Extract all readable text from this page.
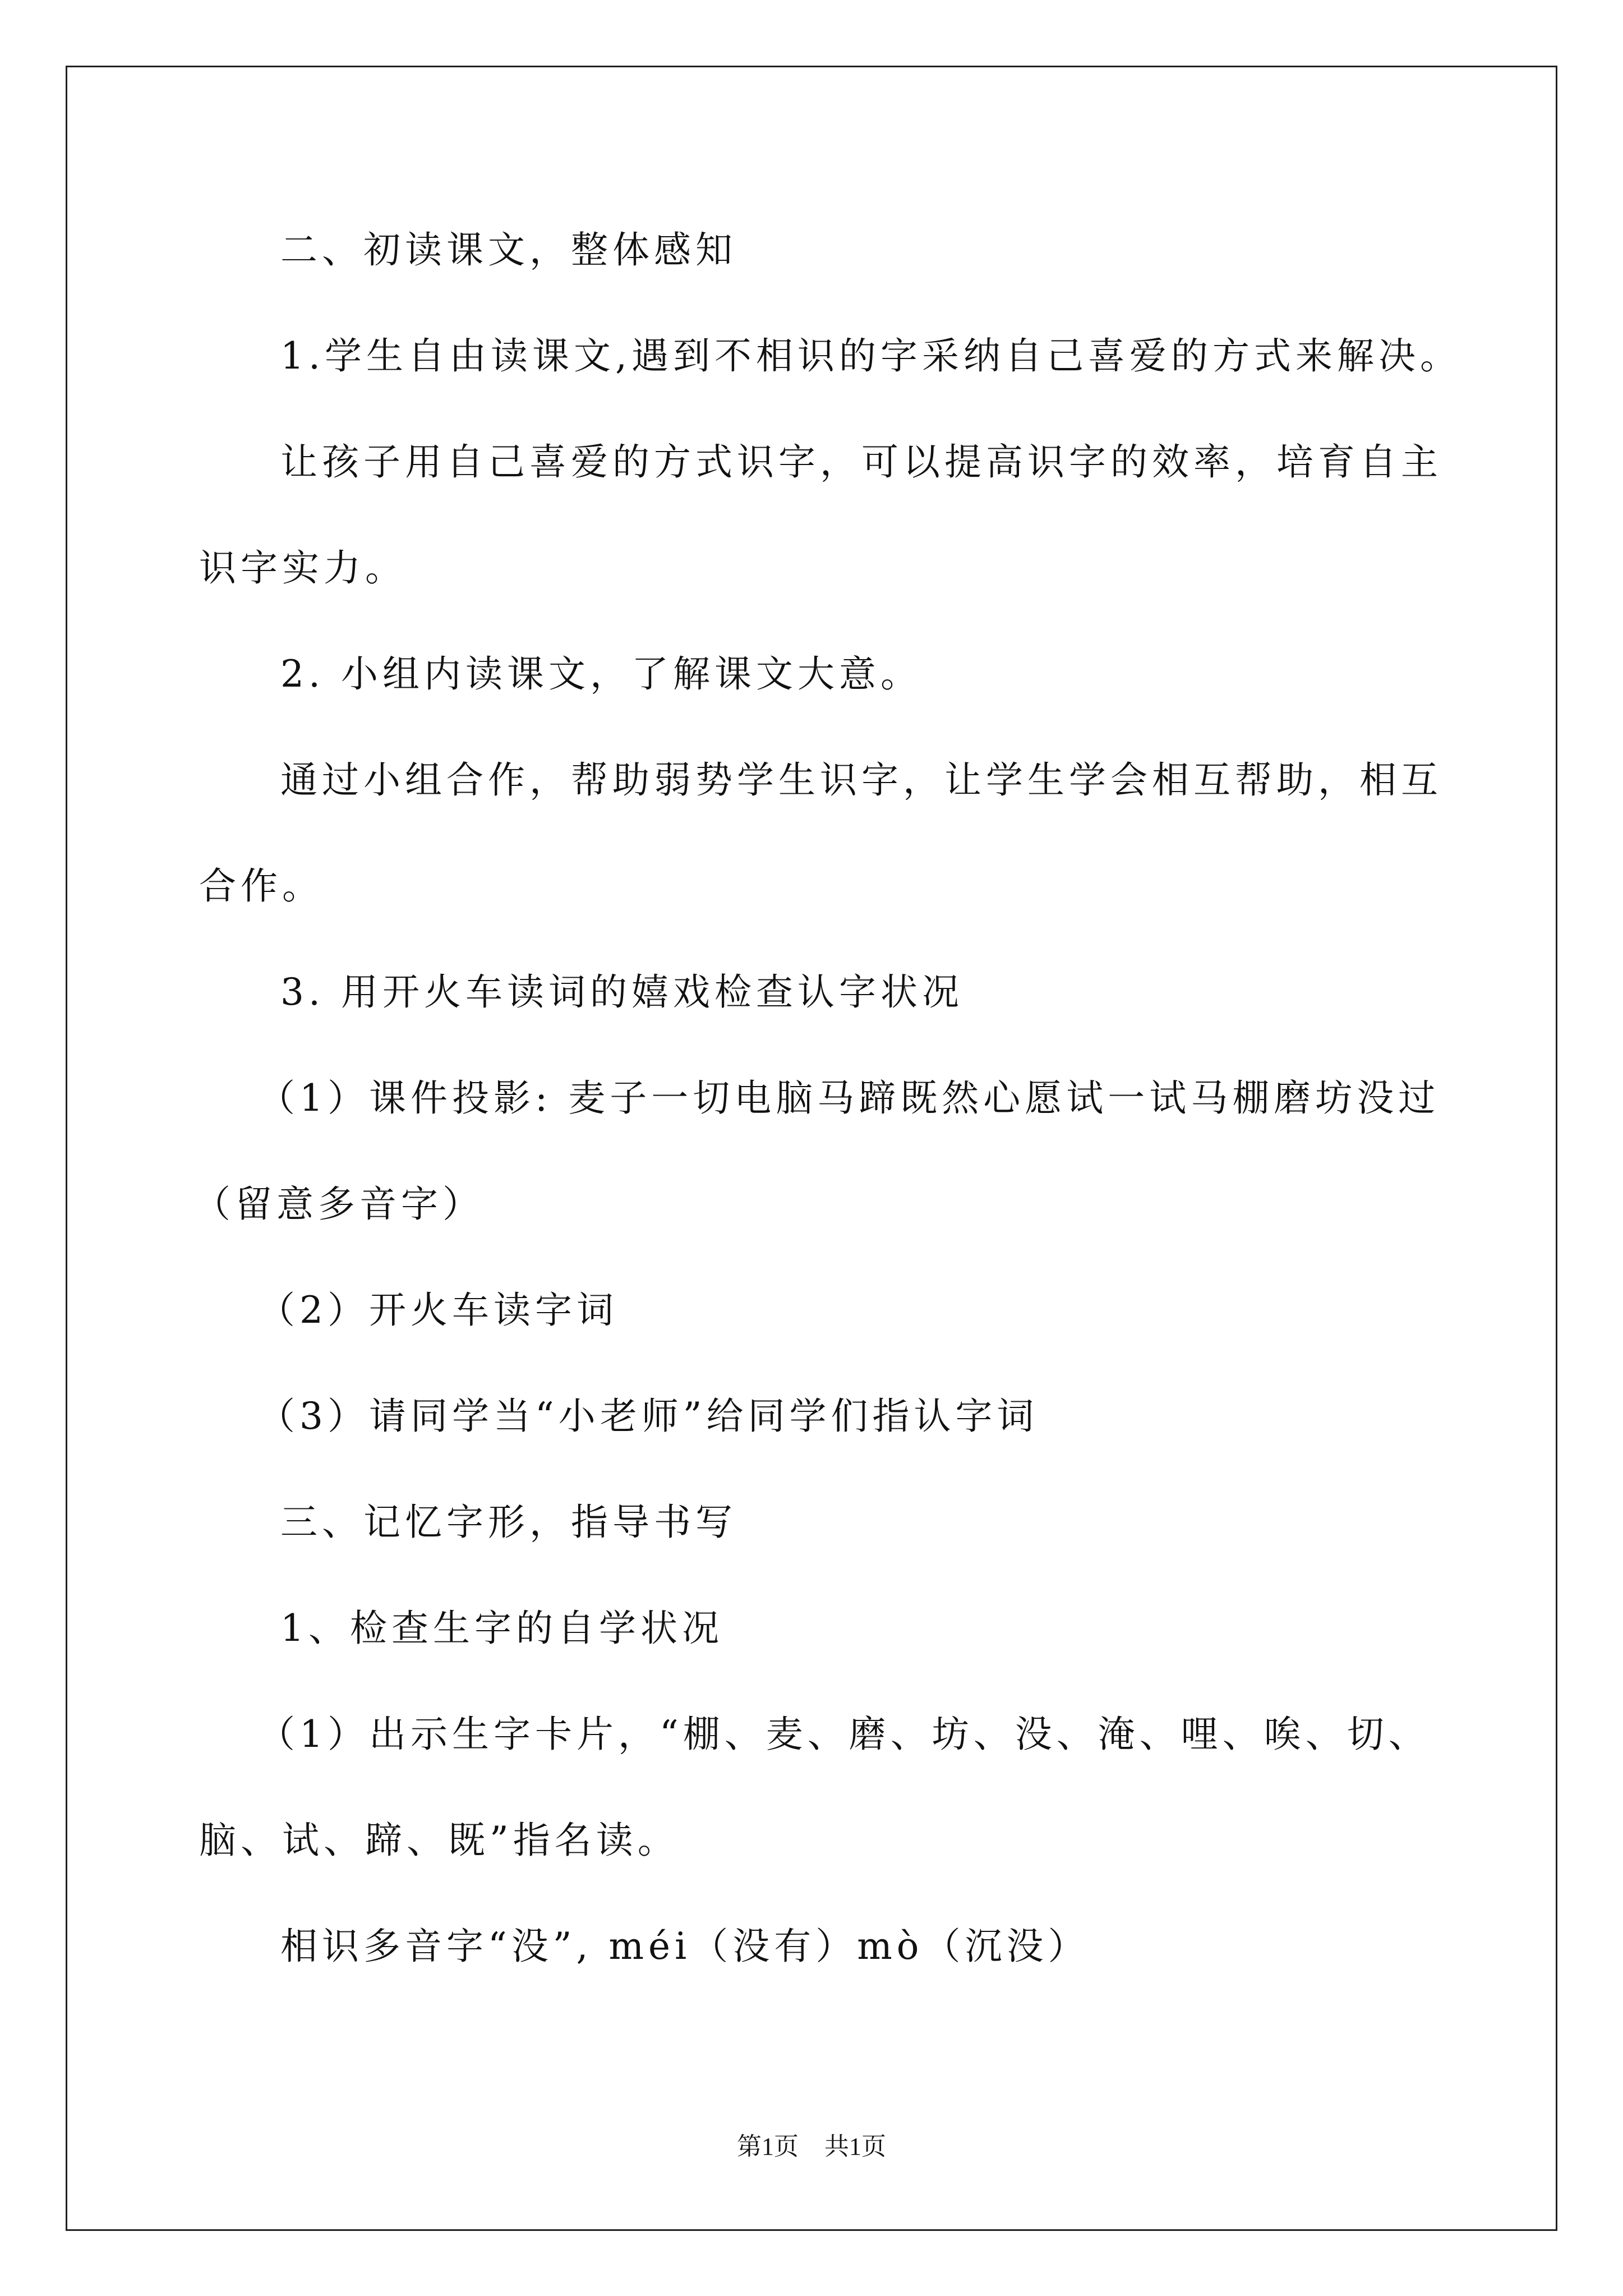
二、初读课文，整体感知
1.学生自由读课文,遇到不相识的字采纳自己喜爱的方式来解决。
让孩子用自己喜爱的方式识字，可以提高识字的效率，培育自主
识字实力。
2. 小组内读课文，了解课文大意。
通过小组合作，帮助弱势学生识字，让学生学会相互帮助，相互
合作。
3. 用开火车读词的嬉戏检查认字状况
（1）课件投影: 麦子一切电脑马蹄既然心愿试一试马棚磨坊没过
（留意多音字）
（2）开火车读字词
（3）请同学当“小老师”给同学们指认字词
三、记忆字形，指导书写
1、检查生字的自学状况
（1）出示生字卡片，“棚、麦、磨、坊、没、淹、哩、唉、切、
脑、试、蹄、既”指名读。
相识多音字“没”, méi（没有）mò（沉没）
第1页 共1页
